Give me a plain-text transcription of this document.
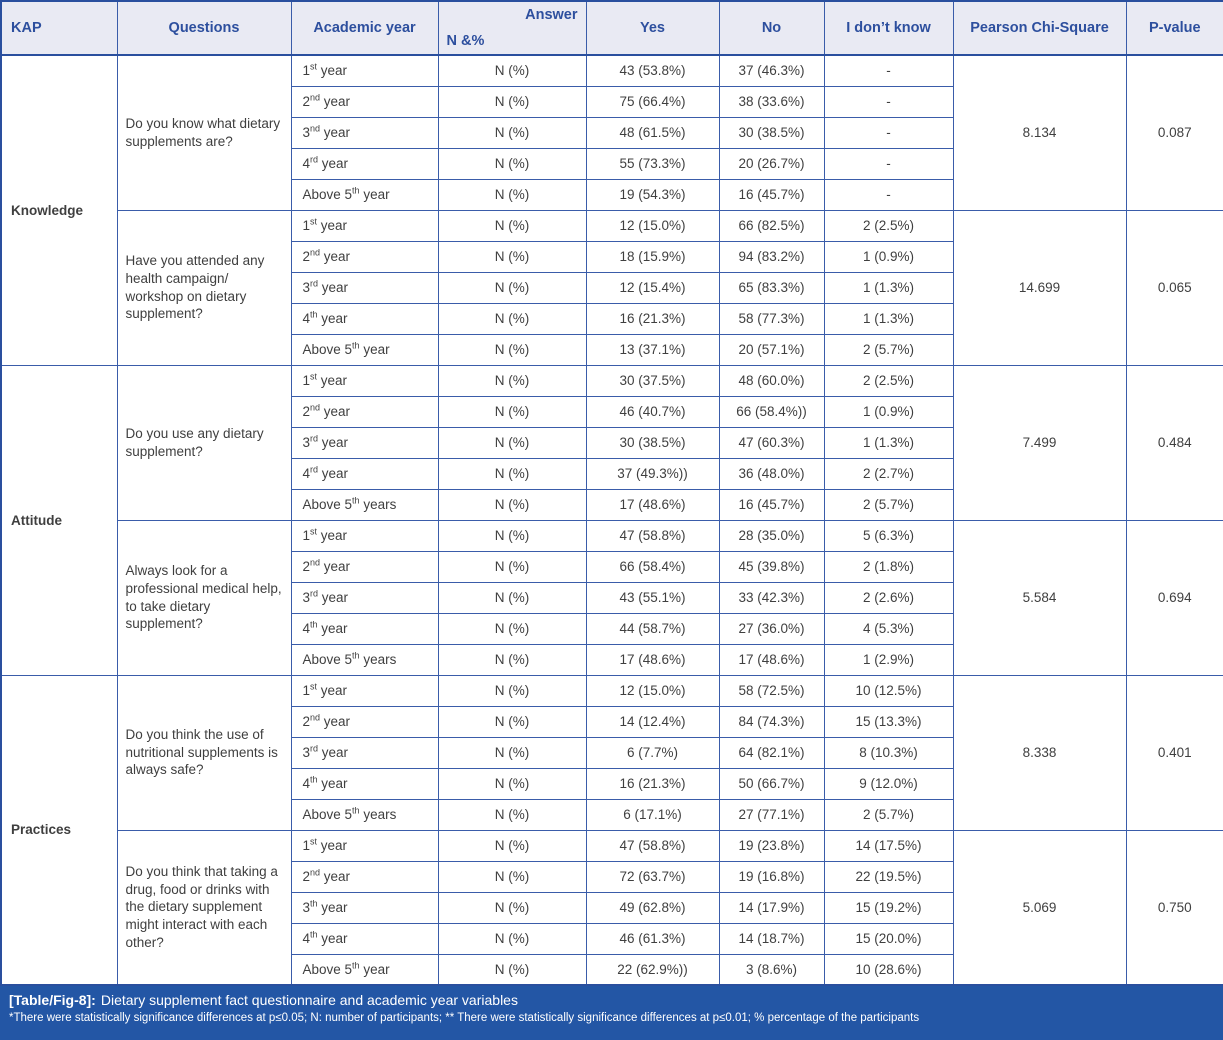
KAP	Questions	Academic year	Answer
N &%	Yes	No	I don’t know	Pearson Chi-Square	P-value
Knowledge	Do you know what dietary supplements are?	1st year	N (%)	43 (53.8%)	37 (46.3%)	-	8.134	0.087
		2nd year	N (%)	75 (66.4%)	38 (33.6%)	-		
		3nd year	N (%)	48 (61.5%)	30 (38.5%)	-		
		4rd year	N (%)	55 (73.3%)	20 (26.7%)	-		
		Above 5th year	N (%)	19 (54.3%)	16 (45.7%)	-		
	Have you attended any health campaign/ workshop on dietary supplement?	1st year	N (%)	12 (15.0%)	66 (82.5%)	2 (2.5%)	14.699	0.065
		2nd year	N (%)	18 (15.9%)	94 (83.2%)	1 (0.9%)		
		3rd year	N (%)	12 (15.4%)	65 (83.3%)	1 (1.3%)		
		4th year	N (%)	16 (21.3%)	58 (77.3%)	1 (1.3%)		
		Above 5th year	N (%)	13 (37.1%)	20 (57.1%)	2 (5.7%)		
Attitude	Do you use any dietary supplement?	1st year	N (%)	30 (37.5%)	48 (60.0%)	2 (2.5%)	7.499	0.484
		2nd year	N (%)	46 (40.7%)	66 (58.4%))	1 (0.9%)		
		3rd year	N (%)	30 (38.5%)	47 (60.3%)	1 (1.3%)		
		4rd year	N (%)	37 (49.3%))	36 (48.0%)	2 (2.7%)		
		Above 5th years	N (%)	17 (48.6%)	16 (45.7%)	2 (5.7%)		
	Always look for a professional medical help, to take dietary supplement?	1st year	N (%)	47 (58.8%)	28 (35.0%)	5 (6.3%)	5.584	0.694
		2nd year	N (%)	66 (58.4%)	45 (39.8%)	2 (1.8%)		
		3rd year	N (%)	43 (55.1%)	33 (42.3%)	2 (2.6%)		
		4th year	N (%)	44 (58.7%)	27 (36.0%)	4 (5.3%)		
		Above 5th years	N (%)	17 (48.6%)	17 (48.6%)	1 (2.9%)		
Practices	Do you think the use of nutritional supplements is always safe?	1st year	N (%)	12 (15.0%)	58 (72.5%)	10 (12.5%)	8.338	0.401
		2nd year	N (%)	14 (12.4%)	84 (74.3%)	15 (13.3%)		
		3rd year	N (%)	6 (7.7%)	64 (82.1%)	8 (10.3%)		
		4th year	N (%)	16 (21.3%)	50 (66.7%)	9 (12.0%)		
		Above 5th years	N (%)	6 (17.1%)	27 (77.1%)	2 (5.7%)		
	Do you think that taking a drug, food or drinks with the dietary supplement might interact with each other?	1st year	N (%)	47 (58.8%)	19 (23.8%)	14 (17.5%)	5.069	0.750
		2nd year	N (%)	72 (63.7%)	19 (16.8%)	22 (19.5%)		
		3th year	N (%)	49 (62.8%)	14 (17.9%)	15 (19.2%)		
		4th year	N (%)	46 (61.3%)	14 (18.7%)	15 (20.0%)		
		Above 5th year	N (%)	22 (62.9%))	3 (8.6%)	10 (28.6%)		
[Table/Fig-8]: Dietary supplement fact questionnaire and academic year variables
*There were statistically significance differences at p≤0.05; N: number of participants; ** There were statistically significance differences at p≤0.01; % percentage of the participants
